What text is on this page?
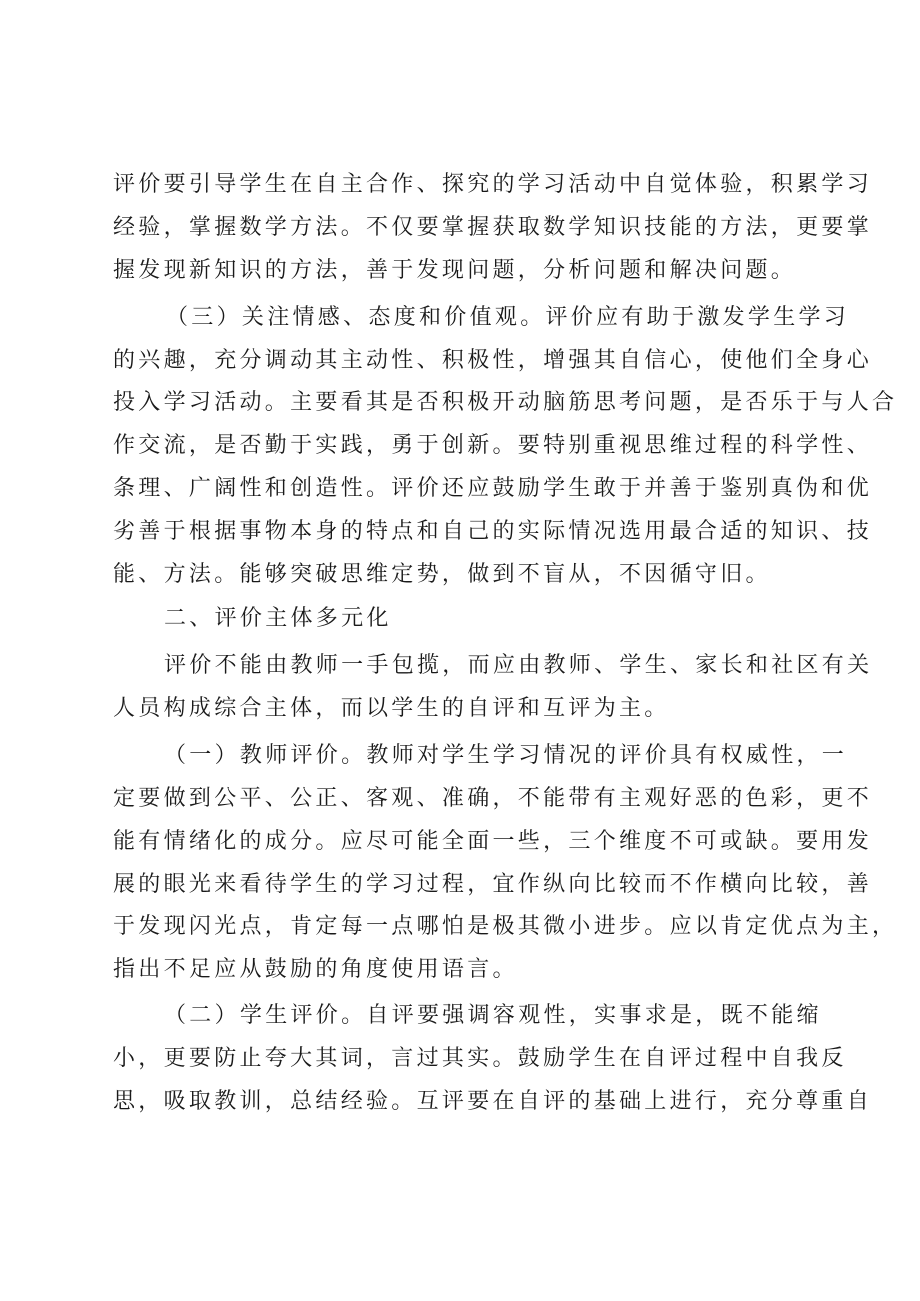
评价要引导学生在自主合作、探究的学习活动中自觉体验，积累学习
经验，掌握数学方法。不仅要掌握获取数学知识技能的方法，更要掌
握发现新知识的方法，善于发现问题，分析问题和解决问题。
（三）关注情感、态度和价值观。评价应有助于激发学生学习
的兴趣，充分调动其主动性、积极性，增强其自信心，使他们全身心
投入学习活动。主要看其是否积极开动脑筋思考问题，是否乐于与人合
作交流，是否勤于实践，勇于创新。要特别重视思维过程的科学性、
条理、广阔性和创造性。评价还应鼓励学生敢于并善于鉴别真伪和优
劣善于根据事物本身的特点和自己的实际情况选用最合适的知识、技
能、方法。能够突破思维定势，做到不盲从，不因循守旧。
二、评价主体多元化
评价不能由教师一手包揽，而应由教师、学生、家长和社区有关
人员构成综合主体，而以学生的自评和互评为主。
（一）教师评价。教师对学生学习情况的评价具有权威性，一
定要做到公平、公正、客观、准确，不能带有主观好恶的色彩，更不
能有情绪化的成分。应尽可能全面一些，三个维度不可或缺。要用发
展的眼光来看待学生的学习过程，宜作纵向比较而不作横向比较，善
于发现闪光点，肯定每一点哪怕是极其微小进步。应以肯定优点为主，
指出不足应从鼓励的角度使用语言。
（二）学生评价。自评要强调容观性，实事求是，既不能缩
小，更要防止夸大其词，言过其实。鼓励学生在自评过程中自我反
思，吸取教训，总结经验。互评要在自评的基础上进行，充分尊重自
